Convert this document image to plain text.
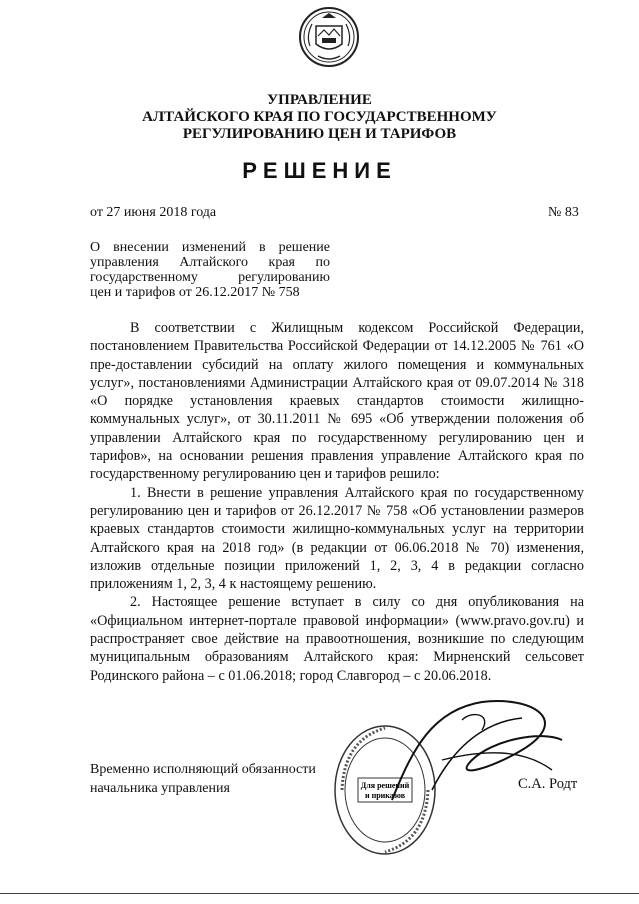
УПРАВЛЕНИЕ
АЛТАЙСКОГО КРАЯ ПО ГОСУДАРСТВЕННОМУ
РЕГУЛИРОВАНИЮ ЦЕН И ТАРИФОВ
РЕШЕНИЕ
от 27 июня 2018 года	№ 83
О внесении изменений в решение
управления Алтайского края по
государственному регулированию
цен и тарифов от 26.12.2017 № 758

В соответствии с Жилищным кодексом Российской Федерации, постановлением Правительства Российской Федерации от 14.12.2005 № 761 «О пре-доставлении субсидий на оплату жилого помещения и коммунальных услуг», постановлениями Администрации Алтайского края от 09.07.2014 № 318 «О порядке установления краевых стандартов стоимости жилищно-коммунальных услуг», от 30.11.2011 № 695 «Об утверждении положения об управлении Алтайского края по государственному регулированию цен и тарифов», на основании решения правления управление Алтайского края по государственному регулированию цен и тарифов решило:

1. Внести в решение управления Алтайского края по государственному регулированию цен и тарифов от 26.12.2017 № 758 «Об установлении размеров краевых стандартов стоимости жилищно-коммунальных услуг на территории Алтайского края на 2018 год» (в редакции от 06.06.2018 № 70) изменения, изложив отдельные позиции приложений 1, 2, 3, 4 в редакции согласно приложениям 1, 2, 3, 4 к настоящему решению.

2. Настоящее решение вступает в силу со дня опубликования на «Официальном интернет-портале правовой информации» (www.pravo.gov.ru) и распространяет свое действие на правоотношения, возникшие по следующим муниципальным образованиям Алтайского края: Мирненский сельсовет Родинского района – с 01.06.2018; город Славгород – с 20.06.2018.

Временно исполняющий обязанности
начальника управления	Для решений
и приказов
С.А. Родт
